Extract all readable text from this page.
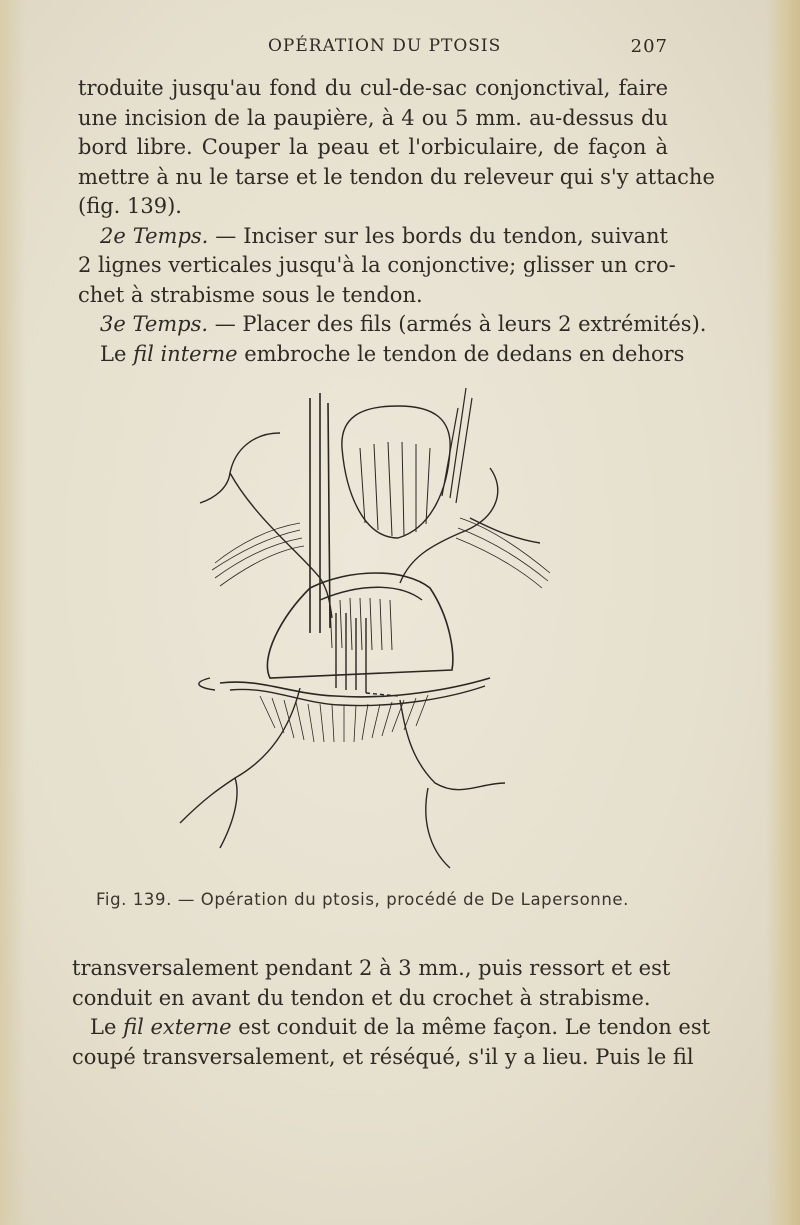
OPÉRATION DU PTOSIS	207

troduite jusqu'au fond du cul-de-sac conjonctival, faire
une incision de la paupière, à 4 ou 5 mm. au-dessus du
bord libre. Couper la peau et l'orbiculaire, de façon à
mettre à nu le tarse et le tendon du releveur qui s'y attache
(fig. 139).

2e Temps. — Inciser sur les bords du tendon, suivant
2 lignes verticales jusqu'à la conjonctive; glisser un cro-
chet à strabisme sous le tendon.

3e Temps. — Placer des fils (armés à leurs 2 extrémités).
Le fil interne embroche le tendon de dedans en dehors

Fig. 139. — Opération du ptosis, procédé de De Lapersonne.

transversalement pendant 2 à 3 mm., puis ressort et est
conduit en avant du tendon et du crochet à strabisme.

Le fil externe est conduit de la même façon. Le tendon est
coupé transversalement, et réséqué, s'il y a lieu. Puis le fil
